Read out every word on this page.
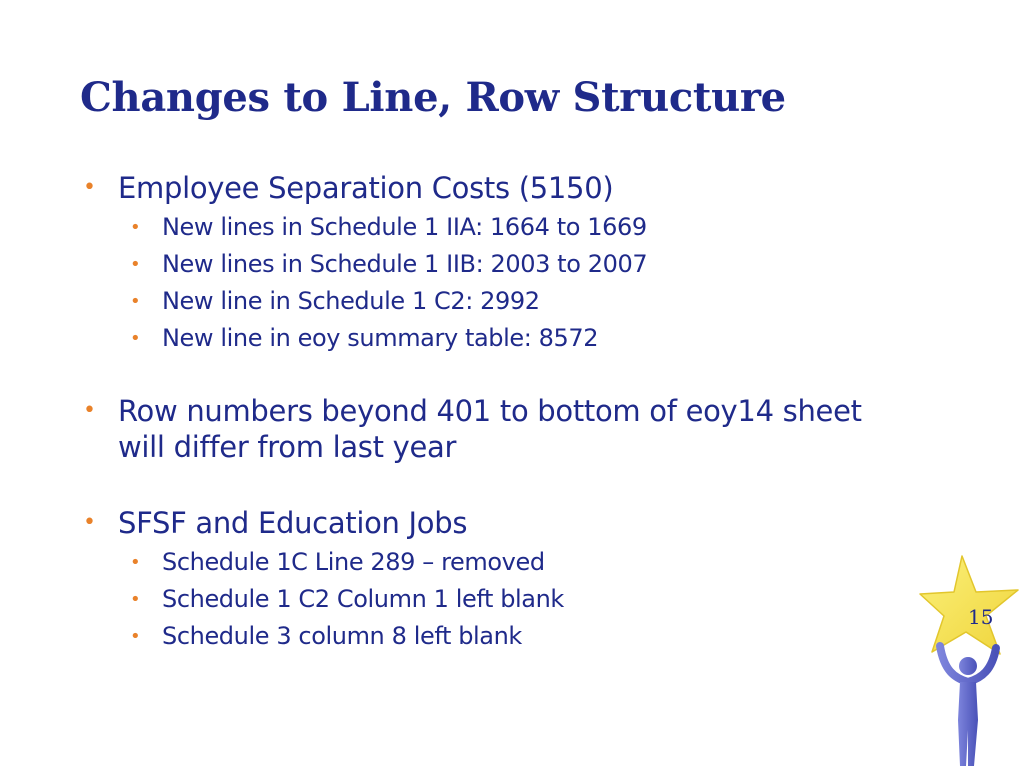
Changes to Line, Row Structure
• Employee Separation Costs (5150)
• New lines in Schedule 1 IIA: 1664 to 1669
• New lines in Schedule 1 IIB: 2003 to 2007
• New line in Schedule 1 C2: 2992
• New line in eoy summary table: 8572
• Row numbers beyond 401 to bottom of eoy14 sheet will differ from last year
• SFSF and Education Jobs
• Schedule 1C Line 289 – removed
• Schedule 1 C2 Column 1 left blank
• Schedule 3 column 8 left blank
15
